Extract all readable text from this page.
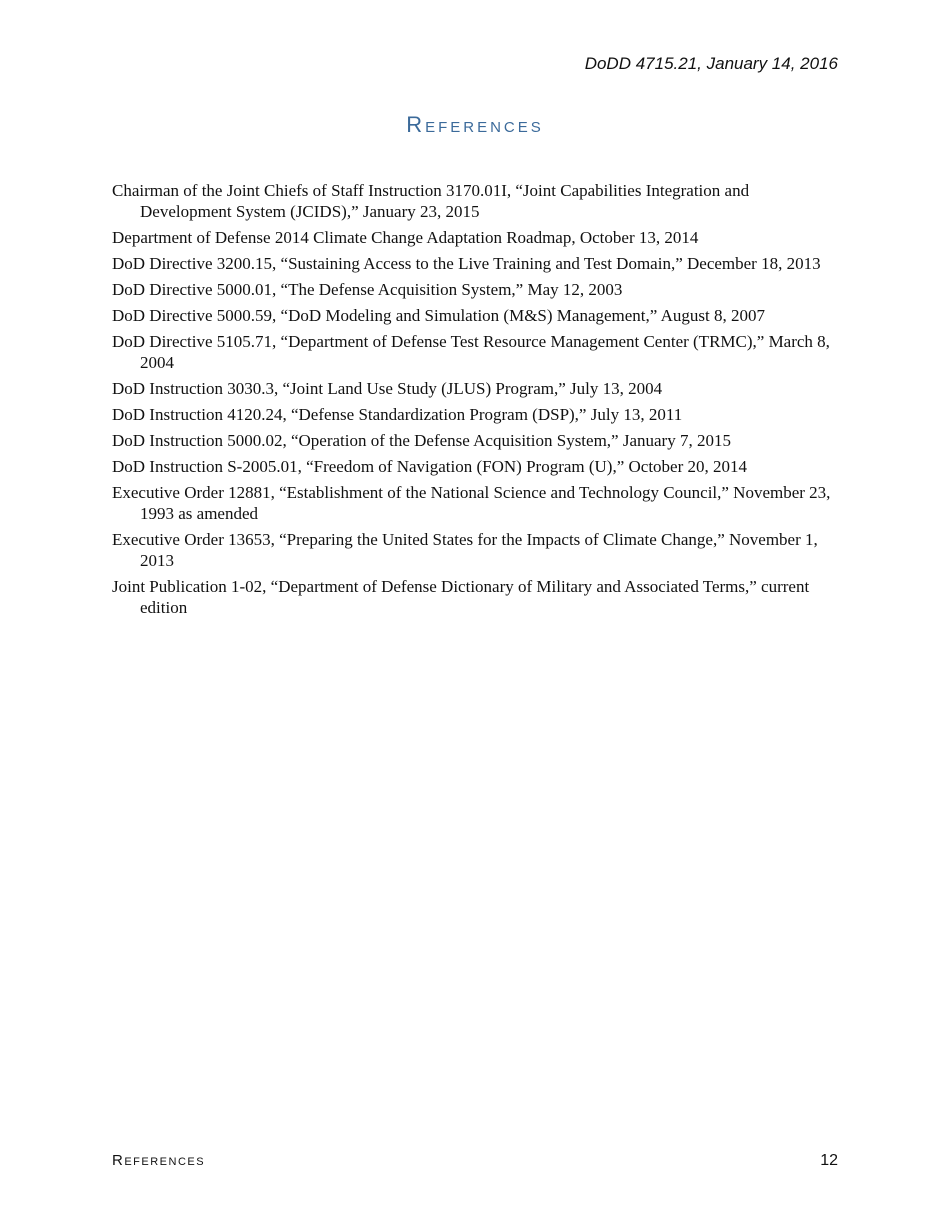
DoDD 4715.21, January 14, 2016
References
Chairman of the Joint Chiefs of Staff Instruction 3170.01I, “Joint Capabilities Integration and Development System (JCIDS),” January 23, 2015
Department of Defense 2014 Climate Change Adaptation Roadmap, October 13, 2014
DoD Directive 3200.15, “Sustaining Access to the Live Training and Test Domain,” December 18, 2013
DoD Directive 5000.01, “The Defense Acquisition System,” May 12, 2003
DoD Directive 5000.59, “DoD Modeling and Simulation (M&S) Management,” August 8, 2007
DoD Directive 5105.71, “Department of Defense Test Resource Management Center (TRMC),” March 8, 2004
DoD Instruction 3030.3, “Joint Land Use Study (JLUS) Program,” July 13, 2004
DoD Instruction 4120.24, “Defense Standardization Program (DSP),” July 13, 2011
DoD Instruction 5000.02, “Operation of the Defense Acquisition System,” January 7, 2015
DoD Instruction S-2005.01, “Freedom of Navigation (FON) Program (U),” October 20, 2014
Executive Order 12881, “Establishment of the National Science and Technology Council,” November 23, 1993 as amended
Executive Order 13653, “Preparing the United States for the Impacts of Climate Change,” November 1, 2013
Joint Publication 1-02, “Department of Defense Dictionary of Military and Associated Terms,” current edition
References	12
